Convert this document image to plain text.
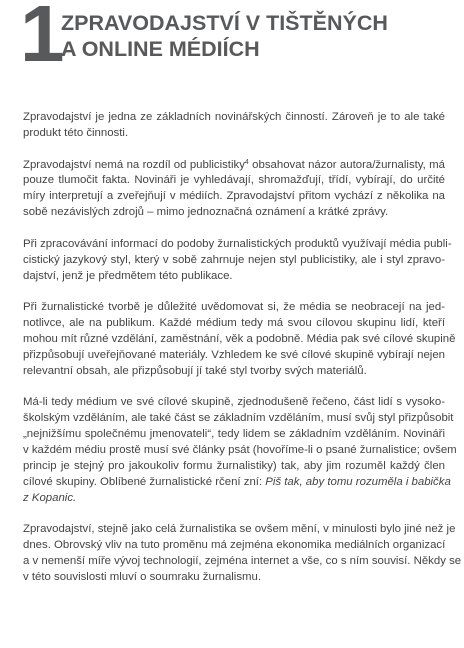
1
ZPRAVODAJSTVÍ V TIŠTĚNÝCH
A ONLINE MÉDIÍCH

Zpravodajství je jedna ze základních novinářských činností. Zároveň je to ale také
produkt této činnosti.

Zpravodajství nemá na rozdíl od publicistiky$^4$ obsahovat názor autora/žurnalisty, má
pouze tlumočit fakta. Novináři je vyhledávají, shromažďují, třídí, vybírají, do určité
míry interpretují a zveřejňují v médiích. Zpravodajství přitom vychází z několika na
sobě nezávislých zdrojů – mimo jednoznačná oznámení a krátké zprávy.

Při zpracovávání informací do podoby žurnalistických produktů využívají média publi-
cistický jazykový styl, který v sobě zahrnuje nejen styl publicistiky, ale i styl zpravo-
dajství, jenž je předmětem této publikace.

Při žurnalistické tvorbě je důležité uvědomovat si, že média se neobracejí na jed-
notlivce, ale na publikum. Každé médium tedy má svou cílovou skupinu lidí, kteří
mohou mít různé vzdělání, zaměstnání, věk a podobně. Média pak své cílové skupině
přizpůsobují uveřejňované materiály. Vzhledem ke své cílové skupině vybírají nejen
relevantní obsah, ale přizpůsobují jí také styl tvorby svých materiálů.

Má-li tedy médium ve své cílové skupině, zjednodušeně řečeno, část lidí s vysoko-
školským vzděláním, ale také část se základním vzděláním, musí svůj styl přizpůsobit
„nejnižšímu společnému jmenovateli“, tedy lidem se základním vzděláním. Novináři
v každém médiu prostě musí své články psát (hovoříme-li o psané žurnalistice; ovšem
princip je stejný pro jakoukoliv formu žurnalistiky) tak, aby jim rozuměl každý člen
cílové skupiny. Oblíbené žurnalistické rčení zní: Piš tak, aby tomu rozuměla i babička
z Kopanic.

Zpravodajství, stejně jako celá žurnalistika se ovšem mění, v minulosti bylo jiné než je
dnes. Obrovský vliv na tuto proměnu má zejména ekonomika mediálních organizací
a v nemenší míře vývoj technologií, zejména internet a vše, co s ním souvisí. Někdy se
v této souvislosti mluví o soumraku žurnalismu.
